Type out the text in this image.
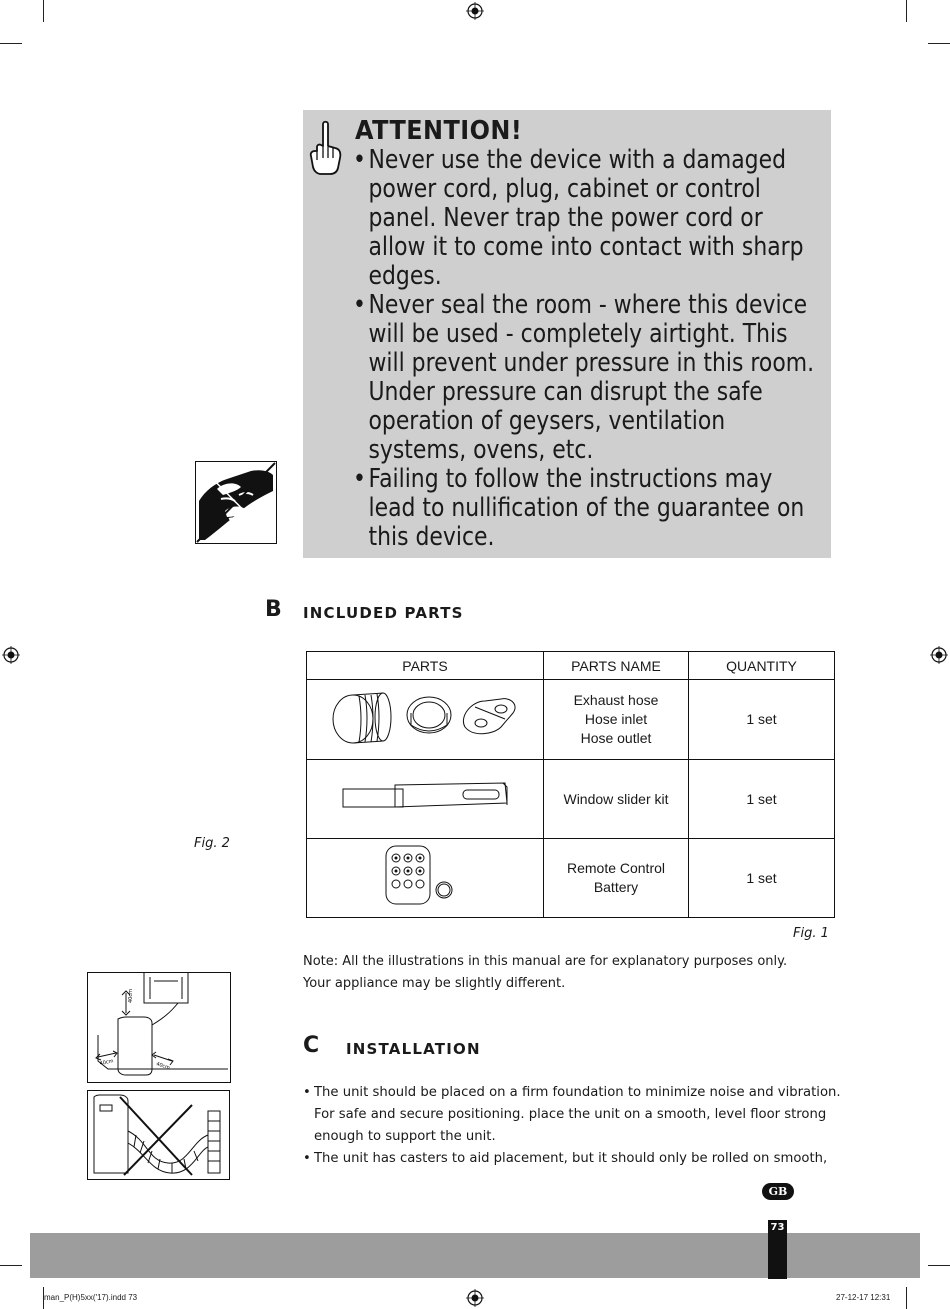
ATTENTION!
• Never use the device with a damaged power cord, plug, cabinet or control panel. Never trap the power cord or allow it to come into contact with sharp edges.
• Never seal the room - where this device will be used - completely airtight. This will prevent under pressure in this room. Under pressure can disrupt the safe operation of geysers, ventilation systems, ovens, etc.
• Failing to follow the instructions may lead to nullification of the guarantee on this device.
B INCLUDED PARTS
PARTS	PARTS NAME	QUANTITY

Exhaust hose
Hose inlet
Hose outlet	1 set

Window slider kit	1 set

Remote Control
Battery	1 set
Fig. 2
Fig. 1
Note: All the illustrations in this manual are for explanatory purposes only.
Your appliance may be slightly different.
40cm
40cm	40cm
C INSTALLATION
• The unit should be placed on a firm foundation to minimize noise and vibration. For safe and secure positioning. place the unit on a smooth, level floor strong enough to support the unit.
• The unit has casters to aid placement, but it should only be rolled on smooth,
GB
73
man_P(H)5xx('17).indd 73	27-12-17 12:31
